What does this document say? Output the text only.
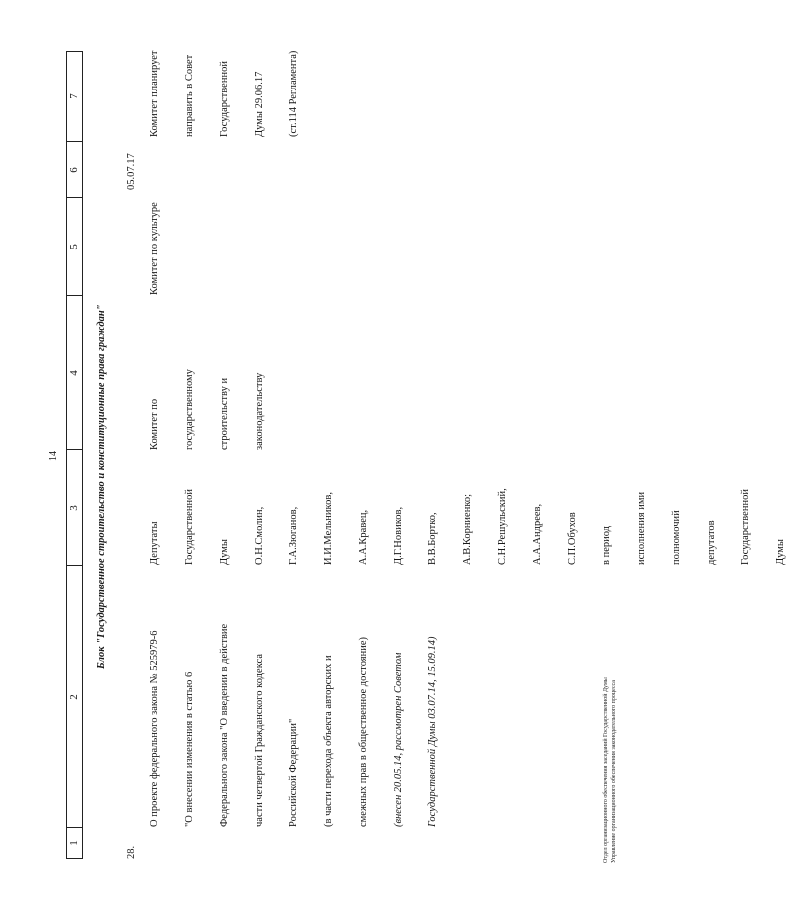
14
1
2
3
4
5
6
7
Блок "Государственное строительство и конституционные права граждан"
28.

О проекте федерального закона № 525979-6

"О внесении изменения в статью 6

Федерального закона "О введении в действие

части четвертой Гражданского кодекса

Российской Федерации"

(в части перехода объекта авторских и

смежных прав в общественное достояние)

(внесен 20.05.14, рассмотрен Советом

Государственной Думы 03.07.14, 15.09.14)

Депутаты

Государственной

Думы

О.Н.Смолин,

Г.А.Зюганов,

И.И.Мельников,

А.А.Кравец,

Д.Г.Новиков,

В.В.Бортко,

А.В.Корниенко;

С.Н.Решульский,

А.А.Андреев,

С.П.Обухов

в период

исполнения ими

полномочий

депутатов

Государственной

Думы

Комитет по

государственному

строительству и

законодательству

Комитет по культуре

05.07.17

Комитет планирует

направить в Совет

Государственной

Думы 29.06.17

(ст.114 Регламента)

Отдел организационного обеспечения заседаний Государственной Думы Управление организационного обеспечения законодательного процесса
